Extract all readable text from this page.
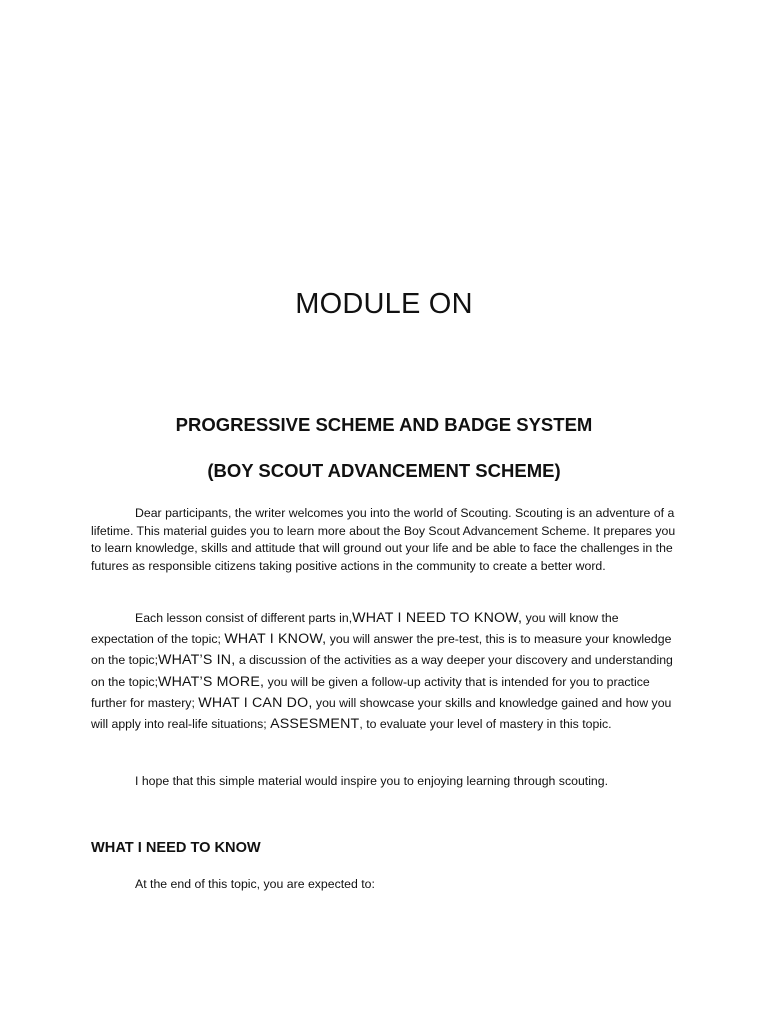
MODULE ON
PROGRESSIVE SCHEME AND BADGE SYSTEM
(BOY SCOUT ADVANCEMENT SCHEME)

Dear participants, the writer welcomes you into the world of Scouting. Scouting is an adventure of a lifetime. This material guides you to learn more about the Boy Scout Advancement Scheme. It prepares you to learn knowledge, skills and attitude that will ground out your life and be able to face the challenges in the futures as responsible citizens taking positive actions in the community to create a better word.

Each lesson consist of different parts in,WHAT I NEED TO KNOW, you will know the expectation of the topic; WHAT I KNOW, you will answer the pre-test, this is to measure your knowledge on the topic;WHAT’S IN, a discussion of the activities as a way deeper your discovery and understanding on the topic;WHAT’S MORE, you will be given a follow-up activity that is intended for you to practice further for mastery; WHAT I CAN DO, you will showcase your skills and knowledge gained and how you will apply into real-life situations; ASSESMENT, to evaluate your level of mastery in this topic.

I hope that this simple material would inspire you to enjoying learning through scouting.

WHAT I NEED TO KNOW

At the end of this topic, you are expected to:
